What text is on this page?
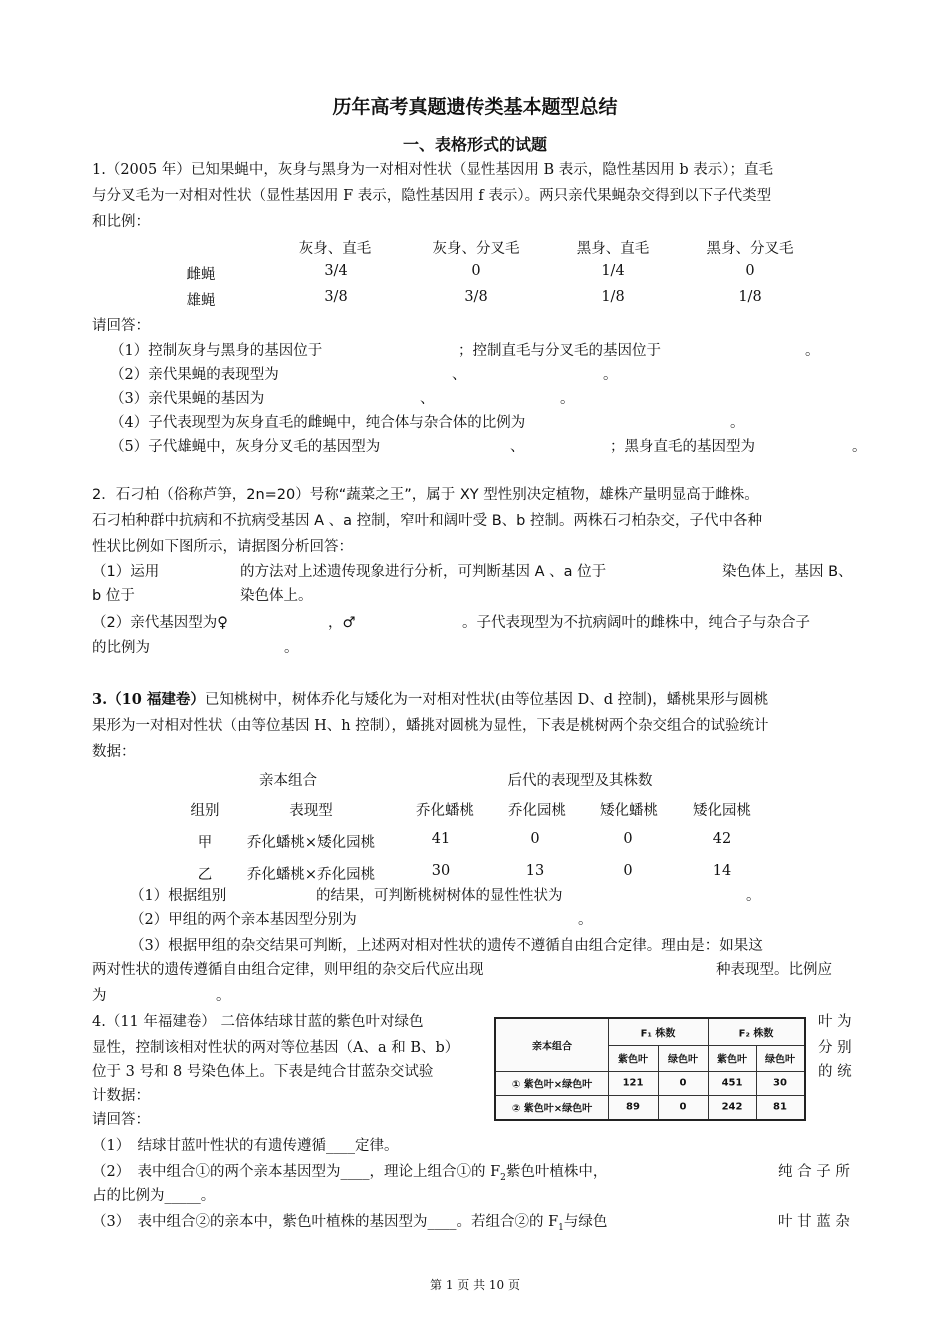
历年高考真题遗传类基本题型总结
一、表格形式的试题
1.（2005 年）已知果蝇中，灰身与黑身为一对相对性状（显性基因用 B 表示，隐性基因用 b 表示）；直毛
与分叉毛为一对相对性状（显性基因用 F 表示，隐性基因用 f 表示）。两只亲代果蝇杂交得到以下子代类型
和比例：
灰身、直毛	灰身、分叉毛	黑身、直毛	黑身、分叉毛
雌蝇	3/4	0	1/4	0
雄蝇	3/8	3/8	1/8	1/8
请回答：
（1）控制灰身与黑身的基因位于	；控制直毛与分叉毛的基因位于	。
（2）亲代果蝇的表现型为	、	。
（3）亲代果蝇的基因为	、	。
（4）子代表现型为灰身直毛的雌蝇中，纯合体与杂合体的比例为	。
（5）子代雄蝇中，灰身分叉毛的基因型为	、	；黑身直毛的基因型为	。
2．石刁柏（俗称芦笋，2n=20）号称“蔬菜之王”，属于 XY 型性别决定植物，雄株产量明显高于雌株。
石刁柏种群中抗病和不抗病受基因 A 、a 控制，窄叶和阔叶受 B、b 控制。两株石刁柏杂交，子代中各种
性状比例如下图所示，请据图分析回答：
（1）运用	的方法对上述遗传现象进行分析，可判断基因 A 、a 位于	染色体上，基因 B、
b 位于	染色体上。
（2）亲代基因型为♀	，♂	。子代表现型为不抗病阔叶的雌株中，纯合子与杂合子
的比例为	。
3.（10 福建卷）已知桃树中，树体乔化与矮化为一对相对性状(由等位基因 D、d 控制)，蟠桃果形与圆桃
果形为一对相对性状（由等位基因 H、h 控制），蟠挑对圆桃为显性，下表是桃树两个杂交组合的试验统计
数据：
亲本组合	后代的表现型及其株数
组别	表现型	乔化蟠桃 乔化园桃 矮化蟠桃 矮化园桃
甲 乔化蟠桃×矮化园桃	41	0	0	42
乙 乔化蟠桃×乔化园桃	30	13	0	14
（1）根据组别	的结果，可判断桃树树体的显性性状为	。
（2）甲组的两个亲本基因型分别为	。
（3）根据甲组的杂交结果可判断，上述两对相对性状的遗传不遵循自由组合定律。理由是：如果这
两对性状的遗传遵循自由组合定律，则甲组的杂交后代应出现	种表现型。比例应
为	。
4.（11 年福建卷） 二倍体结球甘蓝的紫色叶对绿色
显性，控制该相对性状的两对等位基因（A、a 和 B、b）
位于 3 号和 8 号染色体上。下表是纯合甘蓝杂交试验
计数据：
叶 为
分 别
的 统
亲本组合
F₁ 株数	F₂ 株数
紫色叶 绿色叶 紫色叶 绿色叶
① 紫色叶×绿色叶	121	0	451	30
② 紫色叶×绿色叶	89	0	242	81
请回答：
（1）　结球甘蓝叶性状的有遗传遵循____定律。
（2）　表中组合①的两个亲本基因型为____，理论上组合①的 $F_2$紫色叶植株中，	纯 合 子 所
占的比例为_____。
（3）　表中组合②的亲本中，紫色叶植株的基因型为____。若组合②的 $F_1$与绿色	叶 甘 蓝 杂
第 1 页 共 10 页
